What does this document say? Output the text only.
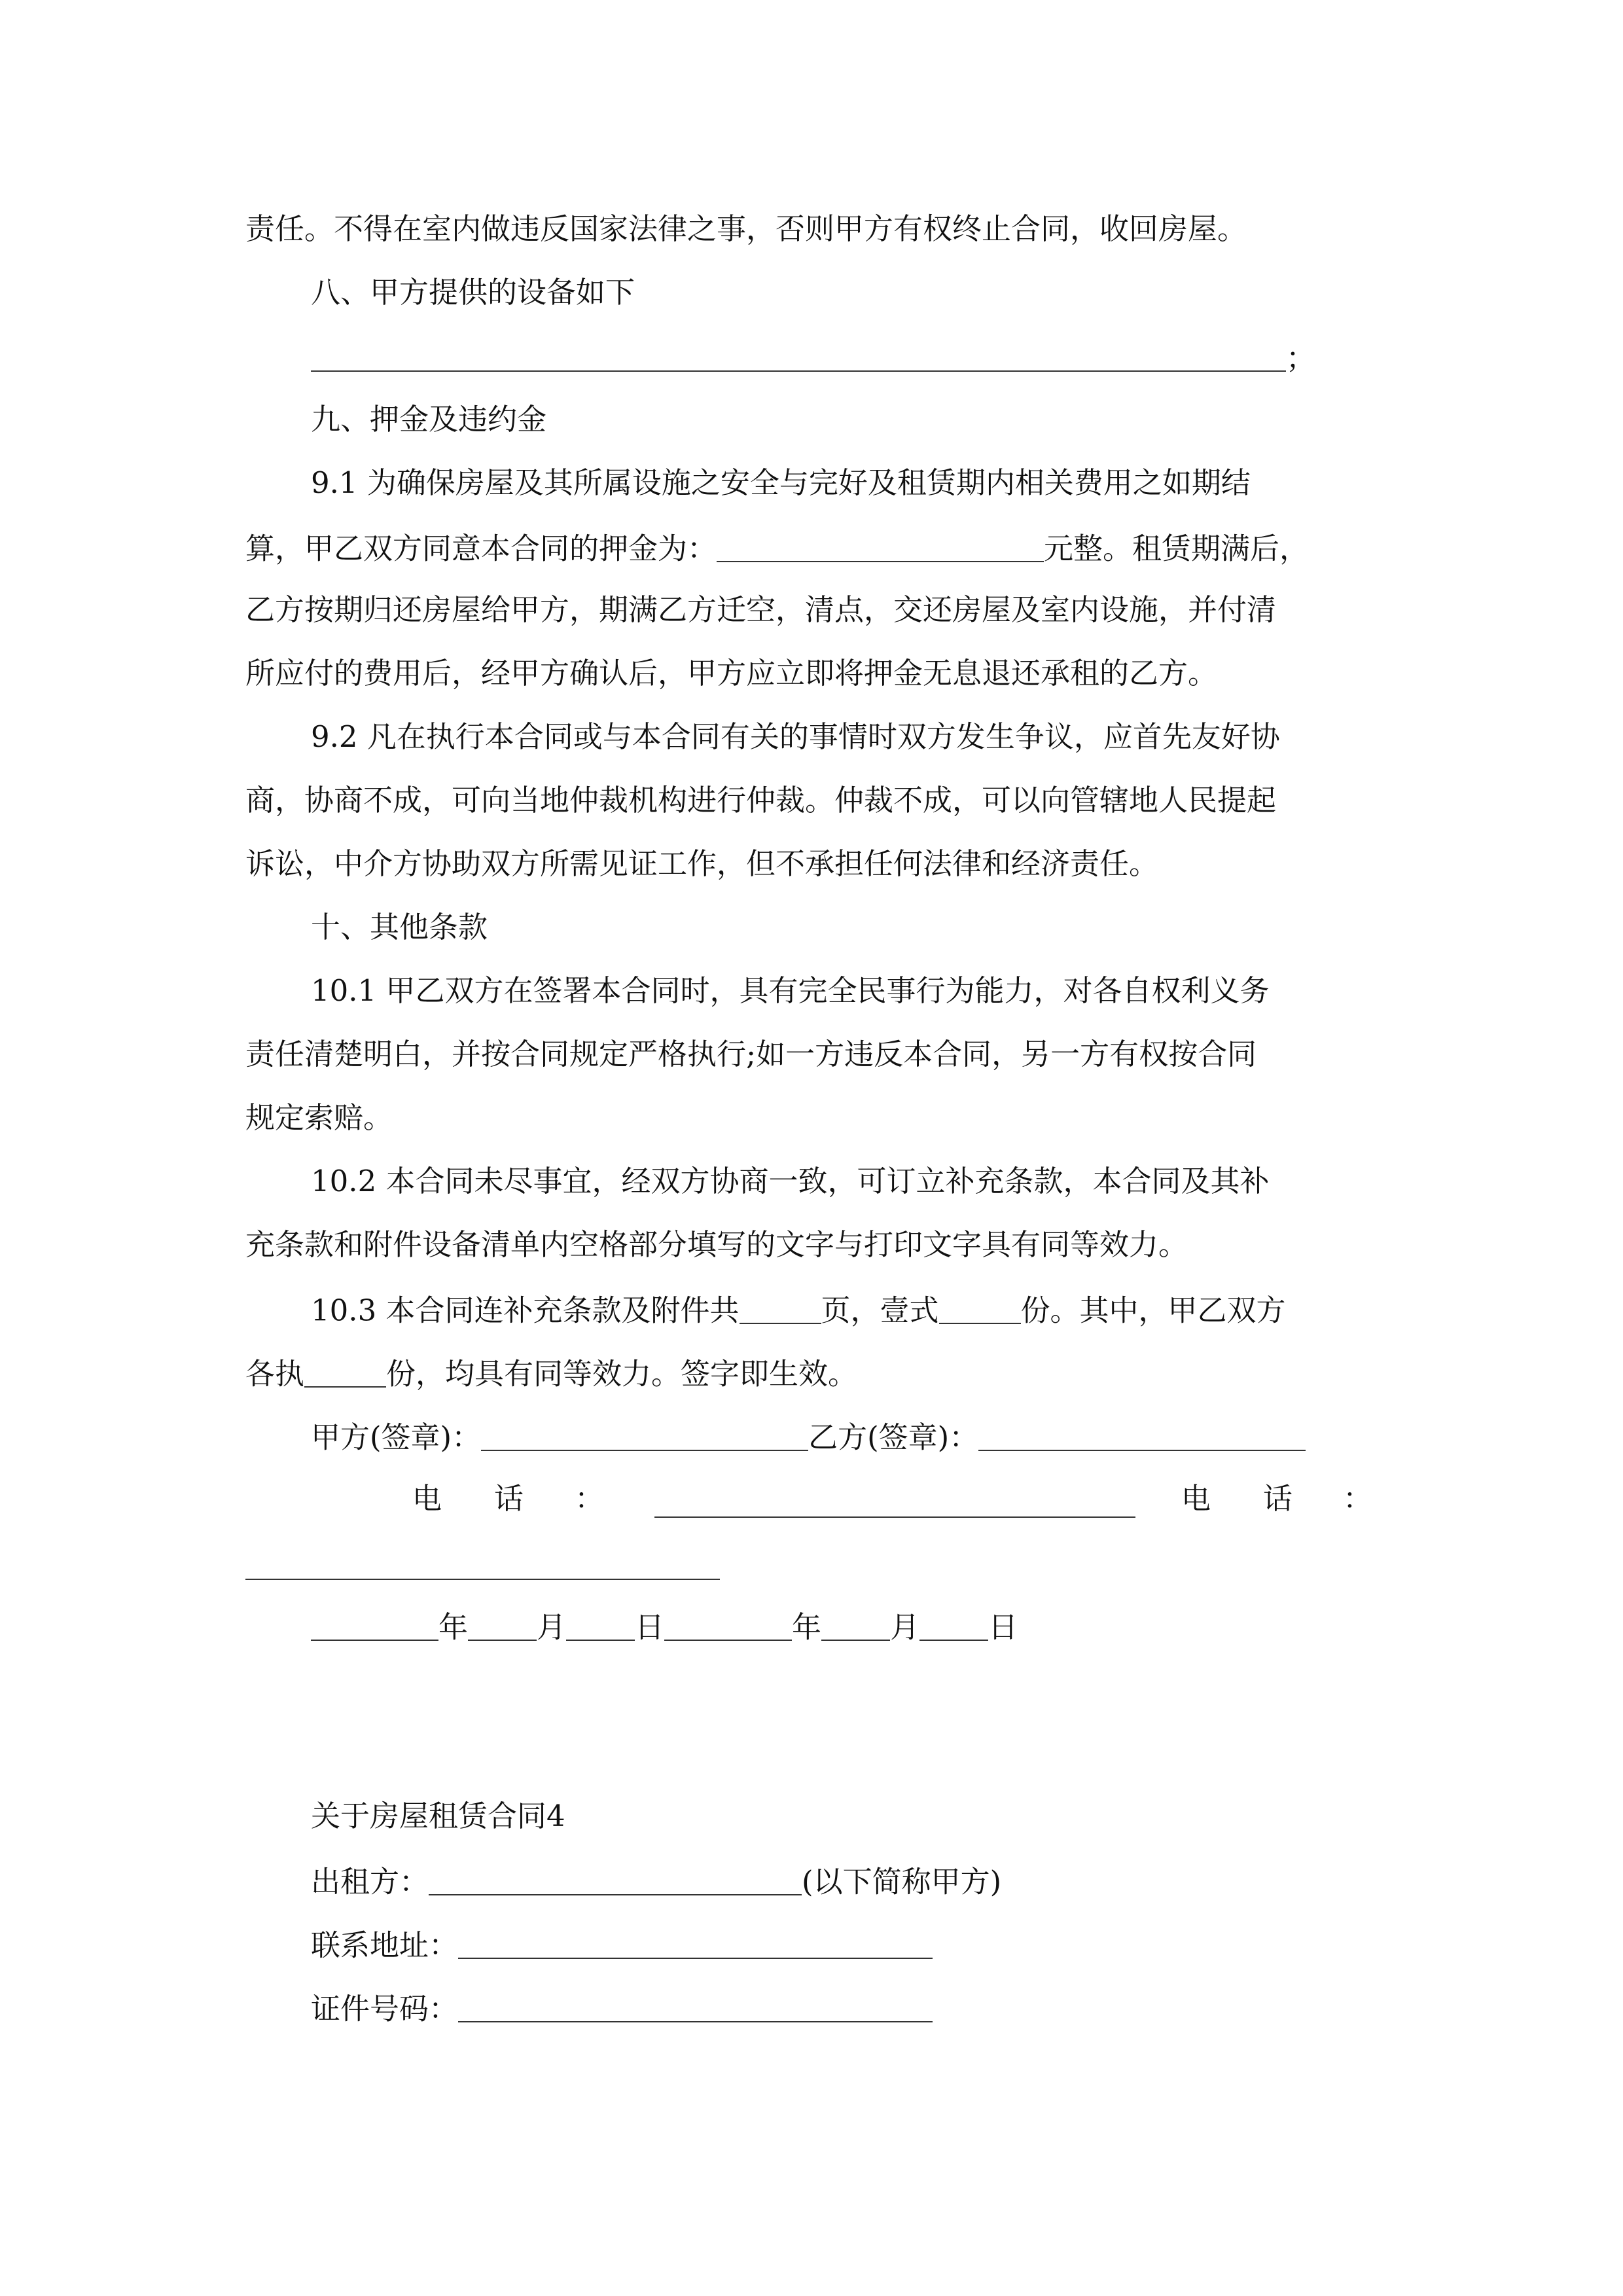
责任。不得在室内做违反国家法律之事，否则甲方有权终止合同，收回房屋。
八、甲方提供的设备如下
；
九、押金及违约金
9.1 为确保房屋及其所属设施之安全与完好及租赁期内相关费用之如期结
算，甲乙双方同意本合同的押金为：	元整。租赁期满后，
乙方按期归还房屋给甲方，期满乙方迁空，清点，交还房屋及室内设施，并付清
所应付的费用后，经甲方确认后，甲方应立即将押金无息退还承租的乙方。
9.2 凡在执行本合同或与本合同有关的事情时双方发生争议，应首先友好协
商，协商不成，可向当地仲裁机构进行仲裁。仲裁不成，可以向管辖地人民提起
诉讼，中介方协助双方所需见证工作，但不承担任何法律和经济责任。
十、其他条款
10.1 甲乙双方在签署本合同时，具有完全民事行为能力，对各自权利义务
责任清楚明白，并按合同规定严格执行;如一方违反本合同，另一方有权按合同
规定索赔。
10.2 本合同未尽事宜，经双方协商一致，可订立补充条款，本合同及其补
充条款和附件设备清单内空格部分填写的文字与打印文字具有同等效力。
10.3 本合同连补充条款及附件共	页，壹式	份。其中，甲乙双方
各执	份，均具有同等效力。签字即生效。
甲方(签章)：	乙方(签章)：
电 话 ：	电 话 ：
年 月 日	年 月 日
关于房屋租赁合同4
出租方：	(以下简称甲方)
联系地址：
证件号码：
